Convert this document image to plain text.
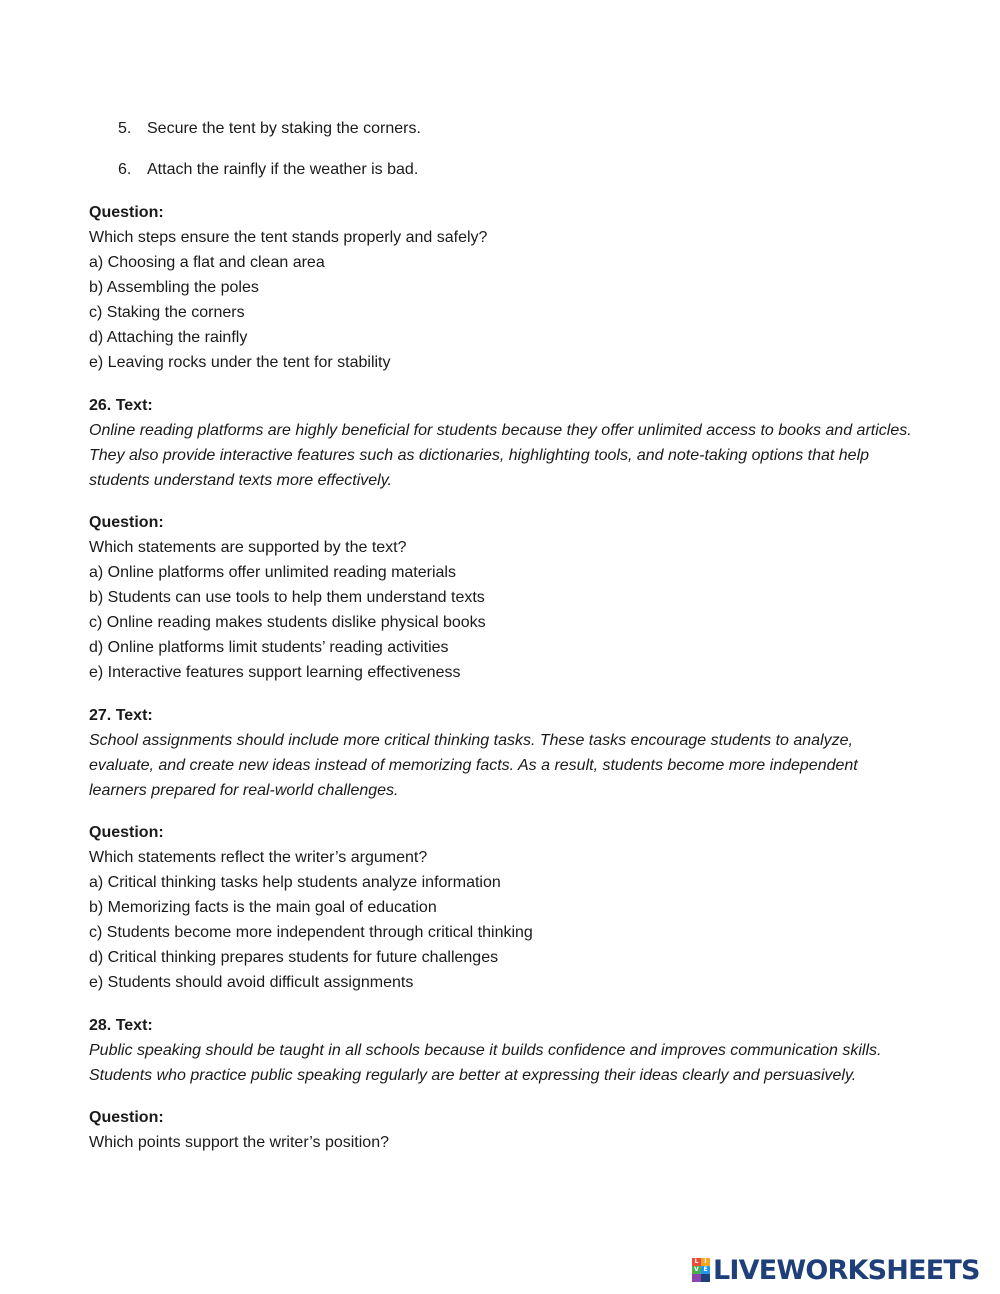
5. Secure the tent by staking the corners.
6. Attach the rainfly if the weather is bad.
Question:
Which steps ensure the tent stands properly and safely?
a) Choosing a flat and clean area
b) Assembling the poles
c) Staking the corners
d) Attaching the rainfly
e) Leaving rocks under the tent for stability
26. Text:
Online reading platforms are highly beneficial for students because they offer unlimited access to books and articles. They also provide interactive features such as dictionaries, highlighting tools, and note-taking options that help students understand texts more effectively.
Question:
Which statements are supported by the text?
a) Online platforms offer unlimited reading materials
b) Students can use tools to help them understand texts
c) Online reading makes students dislike physical books
d) Online platforms limit students’ reading activities
e) Interactive features support learning effectiveness
27. Text:
School assignments should include more critical thinking tasks. These tasks encourage students to analyze, evaluate, and create new ideas instead of memorizing facts. As a result, students become more independent learners prepared for real-world challenges.
Question:
Which statements reflect the writer’s argument?
a) Critical thinking tasks help students analyze information
b) Memorizing facts is the main goal of education
c) Students become more independent through critical thinking
d) Critical thinking prepares students for future challenges
e) Students should avoid difficult assignments
28. Text:
Public speaking should be taught in all schools because it builds confidence and improves communication skills. Students who practice public speaking regularly are better at expressing their ideas clearly and persuasively.
Question:
Which points support the writer’s position?
L I
V E LIVEWORKSHEETS
